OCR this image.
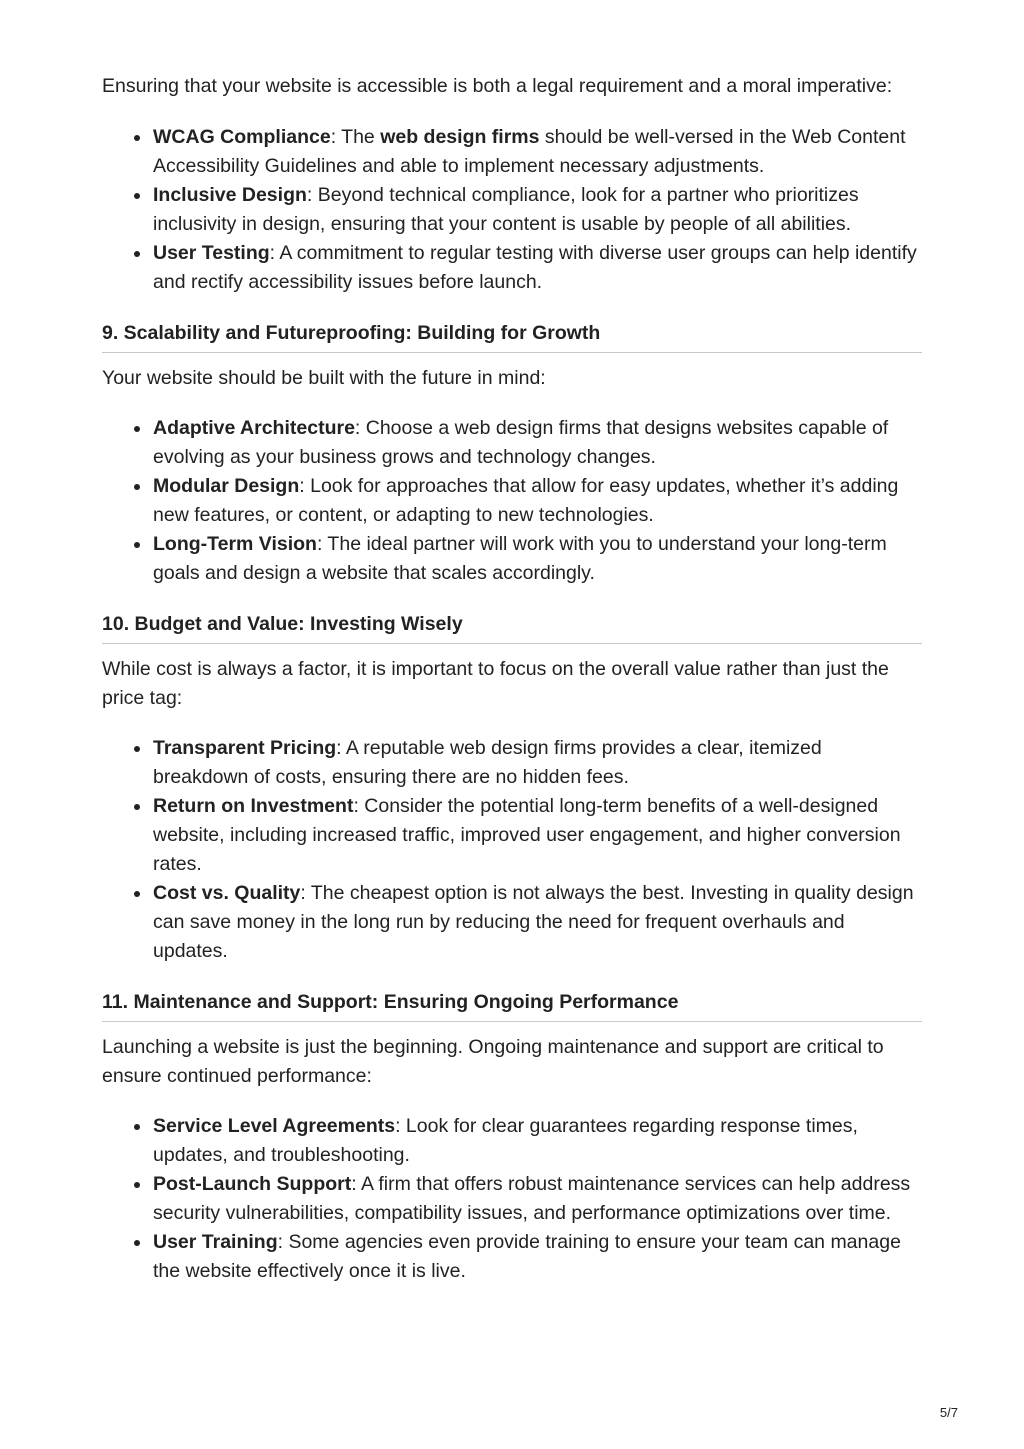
Ensuring that your website is accessible is both a legal requirement and a moral imperative:

WCAG Compliance: The web design firms should be well-versed in the Web Content Accessibility Guidelines and able to implement necessary adjustments.
Inclusive Design: Beyond technical compliance, look for a partner who prioritizes inclusivity in design, ensuring that your content is usable by people of all abilities.
User Testing: A commitment to regular testing with diverse user groups can help identify and rectify accessibility issues before launch.
9. Scalability and Futureproofing: Building for Growth

Your website should be built with the future in mind:

Adaptive Architecture: Choose a web design firms that designs websites capable of evolving as your business grows and technology changes.
Modular Design: Look for approaches that allow for easy updates, whether it’s adding new features, or content, or adapting to new technologies.
Long-Term Vision: The ideal partner will work with you to understand your long-term goals and design a website that scales accordingly.
10. Budget and Value: Investing Wisely

While cost is always a factor, it is important to focus on the overall value rather than just the price tag:

Transparent Pricing: A reputable web design firms provides a clear, itemized breakdown of costs, ensuring there are no hidden fees.
Return on Investment: Consider the potential long-term benefits of a well-designed website, including increased traffic, improved user engagement, and higher conversion rates.
Cost vs. Quality: The cheapest option is not always the best. Investing in quality design can save money in the long run by reducing the need for frequent overhauls and updates.
11. Maintenance and Support: Ensuring Ongoing Performance

Launching a website is just the beginning. Ongoing maintenance and support are critical to ensure continued performance:

Service Level Agreements: Look for clear guarantees regarding response times, updates, and troubleshooting.
Post-Launch Support: A firm that offers robust maintenance services can help address security vulnerabilities, compatibility issues, and performance optimizations over time.
User Training: Some agencies even provide training to ensure your team can manage the website effectively once it is live.
5/7
